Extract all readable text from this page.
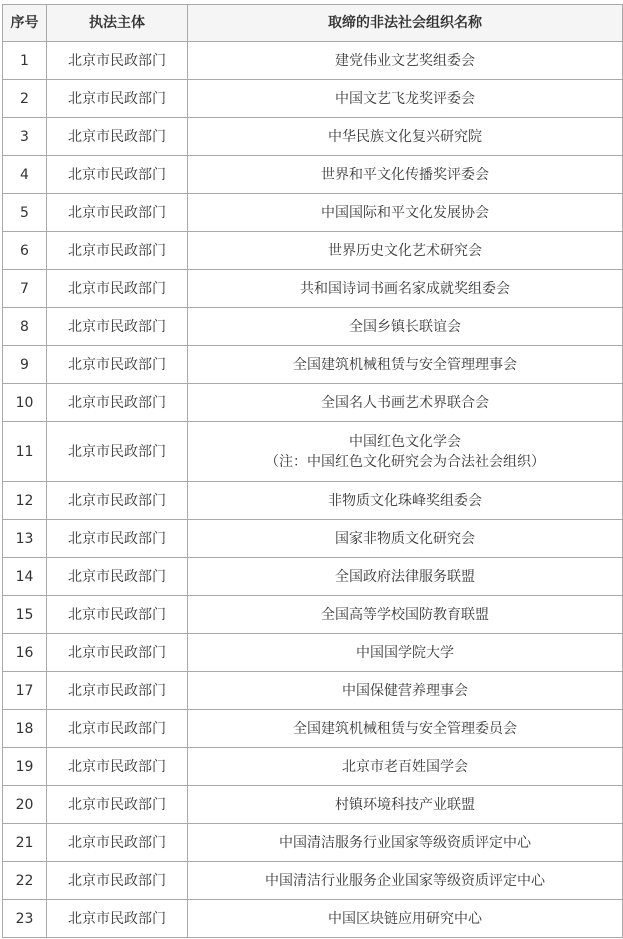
序号	执法主体	取缔的非法社会组织名称
1	北京市民政部门	建党伟业文艺奖组委会

2	北京市民政部门	中国文艺飞龙奖评委会

3	北京市民政部门	中华民族文化复兴研究院

4	北京市民政部门	世界和平文化传播奖评委会

5	北京市民政部门	中国国际和平文化发展协会

6	北京市民政部门	世界历史文化艺术研究会

7	北京市民政部门	共和国诗词书画名家成就奖组委会

8	北京市民政部门	全国乡镇长联谊会

9	北京市民政部门	全国建筑机械租赁与安全管理理事会

10	北京市民政部门	全国名人书画艺术界联合会

11	北京市民政部门	中国红色文化学会
（注：中国红色文化研究会为合法社会组织）

12	北京市民政部门	非物质文化珠峰奖组委会

13	北京市民政部门	国家非物质文化研究会

14	北京市民政部门	全国政府法律服务联盟

15	北京市民政部门	全国高等学校国防教育联盟

16	北京市民政部门	中国国学院大学

17	北京市民政部门	中国保健营养理事会

18	北京市民政部门	全国建筑机械租赁与安全管理委员会

19	北京市民政部门	北京市老百姓国学会

20	北京市民政部门	村镇环境科技产业联盟

21	北京市民政部门	中国清洁服务行业国家等级资质评定中心

22	北京市民政部门	中国清洁行业服务企业国家等级资质评定中心

23	北京市民政部门	中国区块链应用研究中心
